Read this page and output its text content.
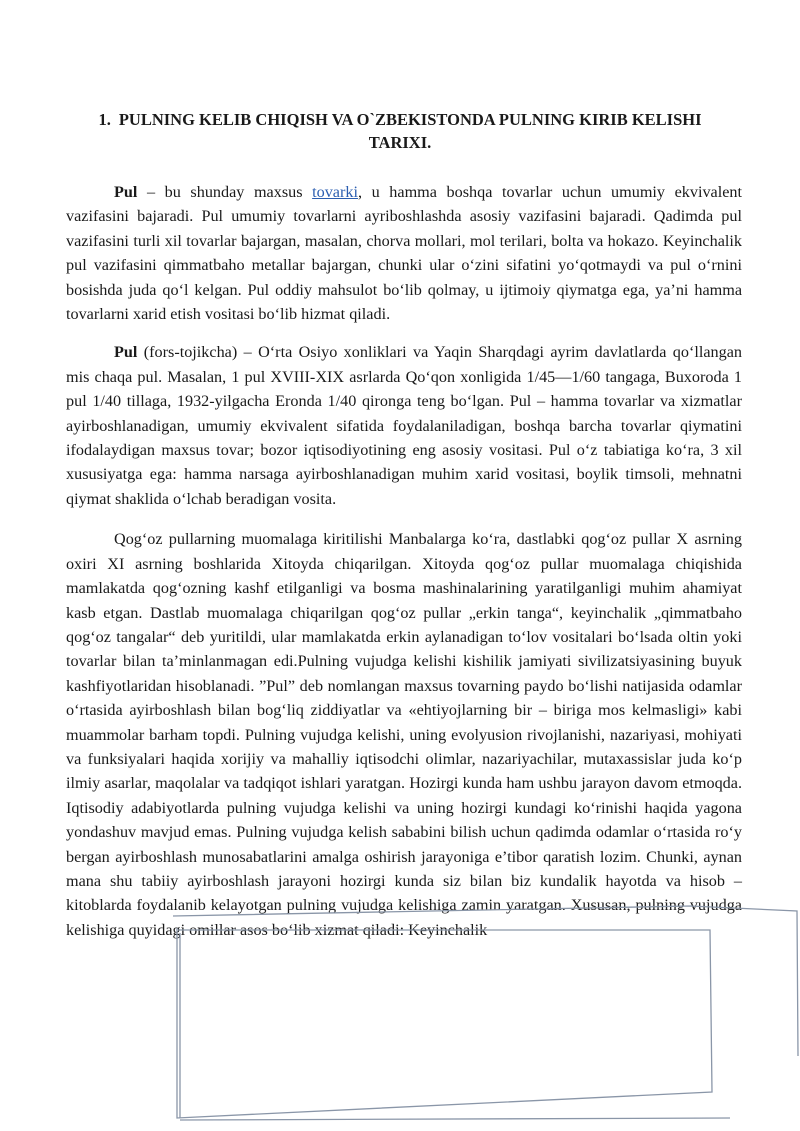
1. PULNING KELIB CHIQISH VA O`ZBEKISTONDA PULNING KIRIB KELISHI TARIXI.

Pul – bu shunday maxsus tovarki, u hamma boshqa tovarlar uchun umumiy ekvivalent vazifasini bajaradi. Pul umumiy tovarlarni ayriboshlashda asosiy vazifasini bajaradi. Qadimda pul vazifasini turli xil tovarlar bajargan, masalan, chorva mollari, mol terilari, bolta va hokazo. Keyinchalik pul vazifasini qimmatbaho metallar bajargan, chunki ular o‘zini sifatini yo‘qotmaydi va pul o‘rnini bosishda juda qo‘l kelgan. Pul oddiy mahsulot bo‘lib qolmay, u ijtimoiy qiymatga ega, ya’ni hamma tovarlarni xarid etish vositasi bo‘lib hizmat qiladi.

Pul (fors-tojikcha) – O‘rta Osiyo xonliklari va Yaqin Sharqdagi ayrim davlatlarda qo‘llangan mis chaqa pul. Masalan, 1 pul XVIII-XIX asrlarda Qo‘qon xonligida 1/45—1/60 tangaga, Buxoroda 1 pul 1/40 tillaga, 1932-yilgacha Eronda 1/40 qironga teng bo‘lgan. Pul – hamma tovarlar va xizmatlar ayirboshlanadigan, umumiy ekvivalent sifatida foydalaniladigan, boshqa barcha tovarlar qiymatini ifodalaydigan maxsus tovar; bozor iqtisodiyotining eng asosiy vositasi. Pul o‘z tabiatiga ko‘ra, 3 xil xususiyatga ega: hamma narsaga ayirboshlanadigan muhim xarid vositasi, boylik timsoli, mehnatni qiymat shaklida o‘lchab beradigan vosita.

Qog‘oz pullarning muomalaga kiritilishi Manbalarga ko‘ra, dastlabki qog‘oz pullar X asrning oxiri XI asrning boshlarida Xitoyda chiqarilgan. Xitoyda qog‘oz pullar muomalaga chiqishida mamlakatda qog‘ozning kashf etilganligi va bosma mashinalarining yaratilganligi muhim ahamiyat kasb etgan. Dastlab muomalaga chiqarilgan qog‘oz pullar „erkin tanga“, keyinchalik „qimmatbaho qog‘oz tangalar“ deb yuritildi, ular mamlakatda erkin aylanadigan to‘lov vositalari bo‘lsada oltin yoki tovarlar bilan ta’minlanmagan edi.Pulning vujudga kelishi kishilik jamiyati sivilizatsiyasining buyuk kashfiyotlaridan hisoblanadi. ”Pul” deb nomlangan maxsus tovarning paydo bo‘lishi natijasida odamlar o‘rtasida ayirboshlash bilan bog‘liq ziddiyatlar va «ehtiyojlarning bir – biriga mos kelmasligi» kabi muammolar barham topdi. Pulning vujudga kelishi, uning evolyusion rivojlanishi, nazariyasi, mohiyati va funksiyalari haqida xorijiy va mahalliy iqtisodchi olimlar, nazariyachilar, mutaxassislar juda ko‘p ilmiy asarlar, maqolalar va tadqiqot ishlari yaratgan. Hozirgi kunda ham ushbu jarayon davom etmoqda. Iqtisodiy adabiyotlarda pulning vujudga kelishi va uning hozirgi kundagi ko‘rinishi haqida yagona yondashuv mavjud emas. Pulning vujudga kelish sababini bilish uchun qadimda odamlar o‘rtasida ro‘y bergan ayirboshlash munosabatlarini amalga oshirish jarayoniga e’tibor qaratish lozim. Chunki, aynan mana shu tabiiy ayirboshlash jarayoni hozirgi kunda siz bilan biz kundalik hayotda va hisob – kitoblarda foydalanib kelayotgan pulning vujudga kelishiga zamin yaratgan. Xususan, pulning vujudga kelishiga quyidagi omillar asos bo‘lib xizmat qiladi: Keyinchalik
